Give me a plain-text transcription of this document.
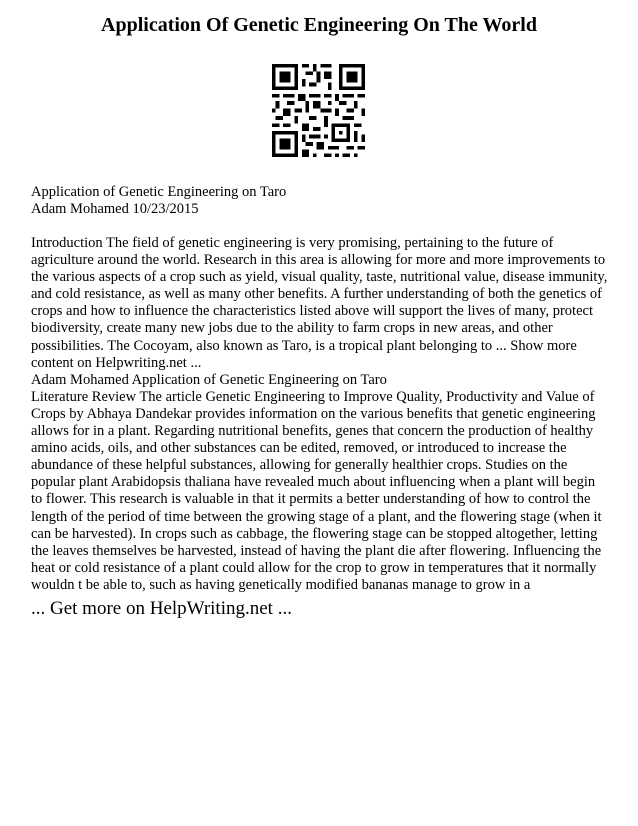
Application Of Genetic Engineering On The World
Application of Genetic Engineering on Taro
Adam Mohamed 10/23/2015

Introduction The field of genetic engineering is very promising, pertaining to the future of agriculture around the world. Research in this area is allowing for more and more improvements to the various aspects of a crop such as yield, visual quality, taste, nutritional value, disease immunity, and cold resistance, as well as many other benefits. A further understanding of both the genetics of crops and how to influence the characteristics listed above will support the lives of many, protect biodiversity, create many new jobs due to the ability to farm crops in new areas, and other possibilities. The Cocoyam, also known as Taro, is a tropical plant belonging to ... Show more content on Helpwriting.net ...

Adam Mohamed Application of Genetic Engineering on Taro

Literature Review The article Genetic Engineering to Improve Quality, Productivity and Value of Crops by Abhaya Dandekar provides information on the various benefits that genetic engineering allows for in a plant. Regarding nutritional benefits, genes that concern the production of healthy amino acids, oils, and other substances can be edited, removed, or introduced to increase the abundance of these helpful substances, allowing for generally healthier crops. Studies on the popular plant Arabidopsis thaliana have revealed much about influencing when a plant will begin to flower. This research is valuable in that it permits a better understanding of how to control the length of the period of time between the growing stage of a plant, and the flowering stage (when it can be harvested). In crops such as cabbage, the flowering stage can be stopped altogether, letting the leaves themselves be harvested, instead of having the plant die after flowering. Influencing the heat or cold resistance of a plant could allow for the crop to grow in temperatures that it normally wouldn t be able to, such as having genetically modified bananas manage to grow in a

... Get more on HelpWriting.net ...
